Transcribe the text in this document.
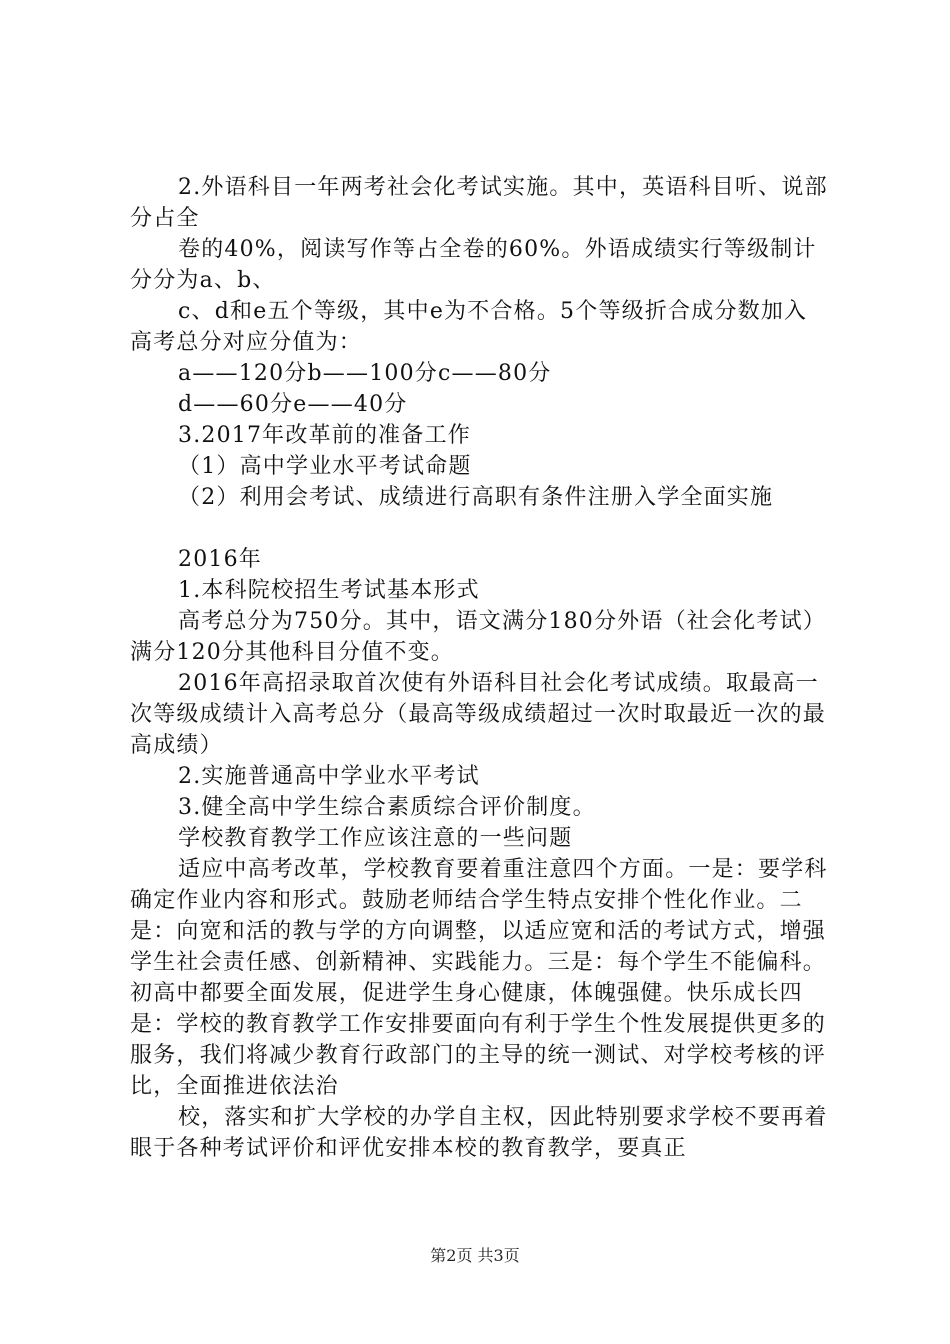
2.外语科目一年两考社会化考试实施。其中，英语科目听、说部分占全

卷的40%，阅读写作等占全卷的60%。外语成绩实行等级制计分分为a、b、

c、d和e五个等级，其中e为不合格。5个等级折合成分数加入高考总分对应分值为：

a——120分b——100分c——80分

d——60分e——40分

3.2017年改革前的准备工作

（1）高中学业水平考试命题

（2）利用会考试、成绩进行高职有条件注册入学全面实施

2016年

1.本科院校招生考试基本形式

高考总分为750分。其中，语文满分180分外语（社会化考试）满分120分其他科目分值不变。

2016年高招录取首次使有外语科目社会化考试成绩。取最高一次等级成绩计入高考总分（最高等级成绩超过一次时取最近一次的最高成绩）

2.实施普通高中学业水平考试

3.健全高中学生综合素质综合评价制度。

学校教育教学工作应该注意的一些问题

适应中高考改革，学校教育要着重注意四个方面。一是：要学科确定作业内容和形式。鼓励老师结合学生特点安排个性化作业。二是：向宽和活的教与学的方向调整，以适应宽和活的考试方式，增强学生社会责任感、创新精神、实践能力。三是：每个学生不能偏科。初高中都要全面发展，促进学生身心健康，体魄强健。快乐成长四是：学校的教育教学工作安排要面向有利于学生个性发展提供更多的服务，我们将减少教育行政部门的主导的统一测试、对学校考核的评比，全面推进依法治

校，落实和扩大学校的办学自主权，因此特别要求学校不要再着眼于各种考试评价和评优安排本校的教育教学，要真正

第2页 共3页
